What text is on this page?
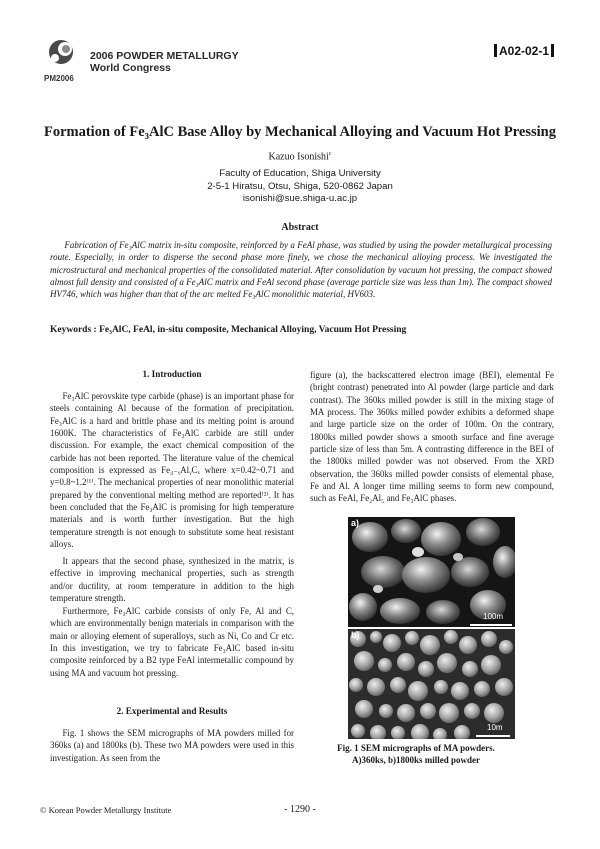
2006 POWDER METALLURGY
World Congress
PM2006
A02-02-1
Formation of Fe₃AlC Base Alloy by Mechanical Alloying and Vacuum Hot Pressing
Kazuo Isonishi$^c$
Faculty of Education, Shiga University
2-5-1 Hiratsu, Otsu, Shiga, 520-0862 Japan
isonishi@sue.shiga-u.ac.jp
Abstract

Fabrication of Fe₃AlC matrix in-situ composite, reinforced by a FeAl phase, was studied by using the powder metallurgical processing route. Especially, in order to disperse the second phase more finely, we chose the mechanical alloying process. We investigated the microstructural and mechanical properties of the consolidated material. After consolidation by vacuum hot pressing, the compact showed almost full density and consisted of a Fe₃AlC matrix and FeAl second phase (average particle size was less than 1m). The compact showed HV746, which was higher than that of the arc melted Fe₃AlC monolithic material, HV603.

Keywords : Fe₃AlC, FeAl, in-situ composite, Mechanical Alloying, Vacuum Hot Pressing
1. Introduction

Fe₃AlC perovskite type carbide (phase) is an important phase for steels containing Al because of the formation of precipitation. Fe₃AlC is a hard and brittle phase and its melting point is around 1600K. The characteristics of Fe₃AlC carbide are still under discussion. For example, the exact chemical composition of the carbide has not been reported. The literature value of the chemical composition is expressed as Fe₄₋ᵧAlᵧCₓ where x=0.42~0.71 and y=0.8~1.2⁽¹⁾. The mechanical properties of near monolithic material prepared by the conventional melting method are reported⁽²⁾. It has been concluded that the Fe₃AlC is promising for high temperature materials and is worth further investigation. But the high temperature strength is not enough to substitute some heat resistant alloys.

It appears that the second phase, synthesized in the matrix, is effective in improving mechanical properties, such as strength and/or ductility, at room temperature in addition to the high temperature strength.

Furthermore, Fe₃AlC carbide consists of only Fe, Al and C, which are environmentally benign materials in comparison with the main or alloying element of superalloys, such as Ni, Co and Cr etc. In this investigation, we try to fabricate Fe₃AlC based in-situ composite reinforced by a B2 type FeAl intermetallic compound by using MA and vacuum hot pressing.

2. Experimental and Results

Fig. 1 shows the SEM micrographs of MA powders milled for 360ks (a) and 1800ks (b). These two MA powders were used in this investigation. As seen from the

figure (a), the backscattered electron image (BEI), elemental Fe (bright contrast) penetrated into Al powder (large particle and dark contrast). The 360ks milled powder is still in the mixing stage of MA process. The 360ks milled powder exhibits a deformed shape and large particle size on the order of 100m. On the contrary, 1800ks milled powder shows a smooth surface and fine average particle size of less than 5m. A contrasting difference in the BEI of the 1800ks milled powder was not observed. From the XRD observation, the 360ks milled powder consists of elemental phase, Fe and Al. A longer time milling seems to form new compound, such as FeAl, Fe₂Al₅ and Fe₃AlC phases.

a)
100m
b)
10m
Fig. 1 SEM micrographs of MA powders.
A)360ks, b)1800ks milled powder
© Korean Powder Metallurgy Institute	- 1290 -
